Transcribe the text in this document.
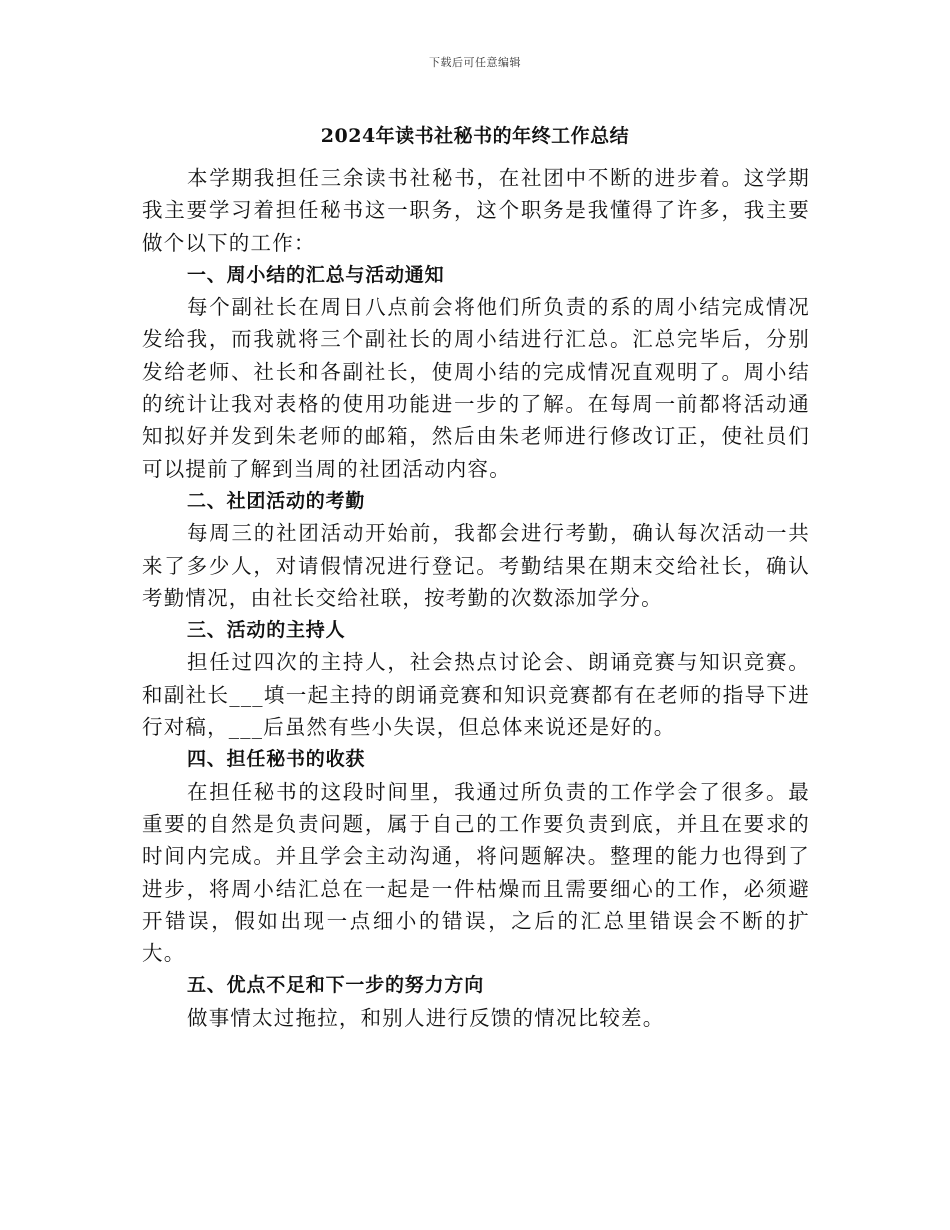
下载后可任意编辑
2024年读书社秘书的年终工作总结

本学期我担任三余读书社秘书，在社团中不断的进步着。这学期我主要学习着担任秘书这一职务，这个职务是我懂得了许多，我主要做个以下的工作：

一、周小结的汇总与活动通知

每个副社长在周日八点前会将他们所负责的系的周小结完成情况发给我，而我就将三个副社长的周小结进行汇总。汇总完毕后，分别发给老师、社长和各副社长，使周小结的完成情况直观明了。周小结的统计让我对表格的使用功能进一步的了解。在每周一前都将活动通知拟好并发到朱老师的邮箱，然后由朱老师进行修改订正，使社员们可以提前了解到当周的社团活动内容。

二、社团活动的考勤

每周三的社团活动开始前，我都会进行考勤，确认每次活动一共来了多少人，对请假情况进行登记。考勤结果在期末交给社长，确认考勤情况，由社长交给社联，按考勤的次数添加学分。

三、活动的主持人

担任过四次的主持人，社会热点讨论会、朗诵竞赛与知识竞赛。和副社长___填一起主持的朗诵竞赛和知识竞赛都有在老师的指导下进行对稿，___后虽然有些小失误，但总体来说还是好的。

四、担任秘书的收获

在担任秘书的这段时间里，我通过所负责的工作学会了很多。最重要的自然是负责问题，属于自己的工作要负责到底，并且在要求的时间内完成。并且学会主动沟通，将问题解决。整理的能力也得到了进步，将周小结汇总在一起是一件枯燥而且需要细心的工作，必须避开错误，假如出现一点细小的错误，之后的汇总里错误会不断的扩大。

五、优点不足和下一步的努力方向

做事情太过拖拉，和别人进行反馈的情况比较差。
